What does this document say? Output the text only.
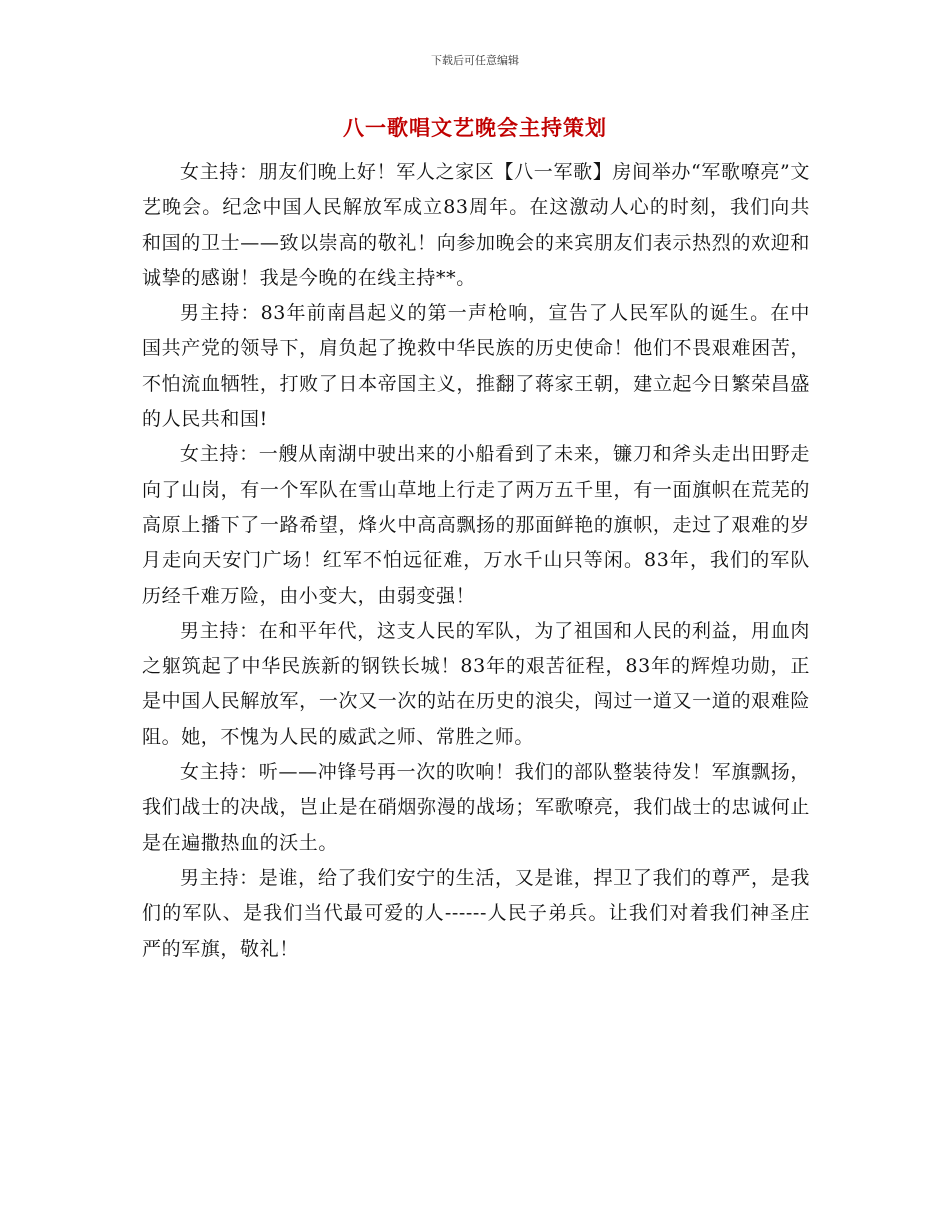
下载后可任意编辑
八一歌唱文艺晚会主持策划

女主持：朋友们晚上好！军人之家区【八一军歌】房间举办“军歌嘹亮”文艺晚会。纪念中国人民解放军成立83周年。在这激动人心的时刻，我们向共和国的卫士——致以崇高的敬礼！向参加晚会的来宾朋友们表示热烈的欢迎和诚挚的感谢！我是今晚的在线主持**。

男主持：83年前南昌起义的第一声枪响，宣告了人民军队的诞生。在中国共产党的领导下，肩负起了挽救中华民族的历史使命！他们不畏艰难困苦，不怕流血牺牲，打败了日本帝国主义，推翻了蒋家王朝，建立起今日繁荣昌盛的人民共和国!

女主持：一艘从南湖中驶出来的小船看到了未来，镰刀和斧头走出田野走向了山岗，有一个军队在雪山草地上行走了两万五千里，有一面旗帜在荒芜的高原上播下了一路希望，烽火中高高飘扬的那面鲜艳的旗帜，走过了艰难的岁月走向天安门广场！红军不怕远征难，万水千山只等闲。83年，我们的军队历经千难万险，由小变大，由弱变强！

男主持：在和平年代，这支人民的军队，为了祖国和人民的利益，用血肉之躯筑起了中华民族新的钢铁长城！83年的艰苦征程，83年的辉煌功勋，正是中国人民解放军，一次又一次的站在历史的浪尖，闯过一道又一道的艰难险阻。她，不愧为人民的威武之师、常胜之师。

女主持：听——冲锋号再一次的吹响！我们的部队整装待发！军旗飘扬，我们战士的决战，岂止是在硝烟弥漫的战场；军歌嘹亮，我们战士的忠诚何止是在遍撒热血的沃土。

男主持：是谁，给了我们安宁的生活，又是谁，捍卫了我们的尊严，是我们的军队、是我们当代最可爱的人------人民子弟兵。让我们对着我们神圣庄严的军旗，敬礼！
